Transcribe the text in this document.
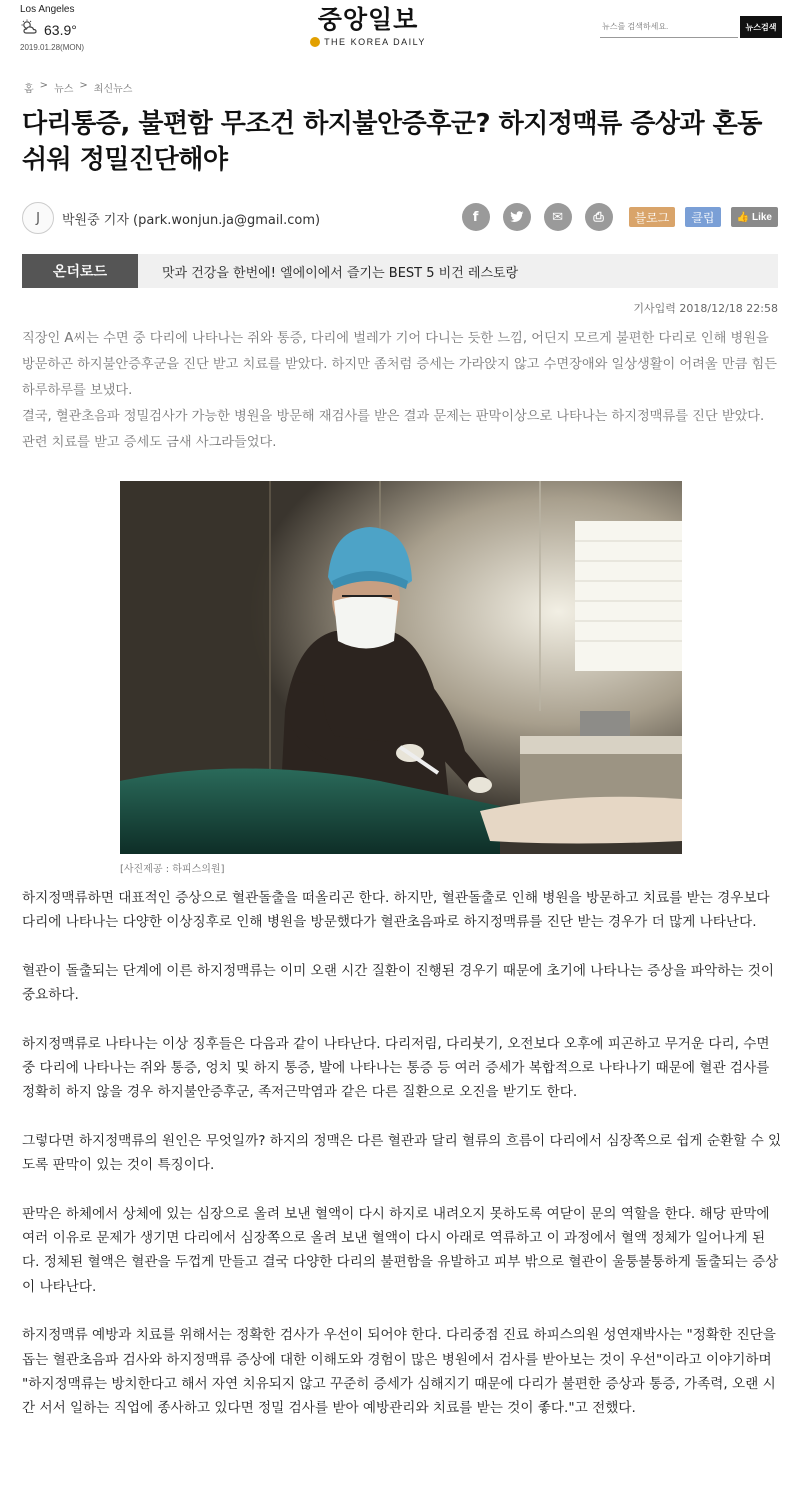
Los Angeles
63.9°
2019.01.28(MON)
중앙일보
THE KOREA DAILY
뉴스를 검색하세요.
뉴스검색
홈 > 뉴스 > 최신뉴스
다리통증, 불편함 무조건 하지불안증후군? 하지정맥류 증상과 혼동 쉬워 정밀진단해야
J	박원중 기자 (park.wonjun.ja@gmail.com)	f	✉	⎙	블로그	클립	👍 Like
온더로드	맛과 건강을 한번에! 엘에이에서 즐기는 BEST 5 비건 레스토랑
기사입력 2018/12/18 22:58
직장인 A씨는 수면 중 다리에 나타나는 쥐와 통증, 다리에 벌레가 기어 다니는 듯한 느낌, 어딘지 모르게 불편한 다리로 인해 병원을 방문하곤 하지불안증후군을 진단 받고 치료를 받았다. 하지만 좀처럼 증세는 가라앉지 않고 수면장애와 일상생활이 어려울 만큼 힘든 하루하루를 보냈다.
결국, 혈관초음파 정밀검사가 가능한 병원을 방문해 재검사를 받은 결과 문제는 판막이상으로 나타나는 하지정맥류를 진단 받았다. 관련 치료를 받고 증세도 금새 사그라들었다.
[사진제공 : 하피스의원]

하지정맥류하면 대표적인 증상으로 혈관돌출을 떠올리곤 한다. 하지만, 혈관돌출로 인해 병원을 방문하고 치료를 받는 경우보다 다리에 나타나는 다양한 이상징후로 인해 병원을 방문했다가 혈관초음파로 하지정맥류를 진단 받는 경우가 더 많게 나타난다.

혈관이 돌출되는 단계에 이른 하지정맥류는 이미 오랜 시간 질환이 진행된 경우기 때문에 초기에 나타나는 증상을 파악하는 것이 중요하다.

하지정맥류로 나타나는 이상 징후들은 다음과 같이 나타난다. 다리저림, 다리붓기, 오전보다 오후에 피곤하고 무거운 다리, 수면 중 다리에 나타나는 쥐와 통증, 엉치 및 하지 통증, 발에 나타나는 통증 등 여러 증세가 복합적으로 나타나기 때문에 혈관 검사를 정확히 하지 않을 경우 하지불안증후군, 족저근막염과 같은 다른 질환으로 오진을 받기도 한다.

그렇다면 하지정맥류의 원인은 무엇일까? 하지의 정맥은 다른 혈관과 달리 혈류의 흐름이 다리에서 심장쪽으로 쉽게 순환할 수 있도록 판막이 있는 것이 특징이다.

판막은 하체에서 상체에 있는 심장으로 올려 보낸 혈액이 다시 하지로 내려오지 못하도록 여닫이 문의 역할을 한다. 해당 판막에 여러 이유로 문제가 생기면 다리에서 심장쪽으로 올려 보낸 혈액이 다시 아래로 역류하고 이 과정에서 혈액 정체가 일어나게 된다. 정체된 혈액은 혈관을 두껍게 만들고 결국 다양한 다리의 불편함을 유발하고 피부 밖으로 혈관이 울퉁불퉁하게 돌출되는 증상이 나타난다.

하지정맥류 예방과 치료를 위해서는 정확한 검사가 우선이 되어야 한다. 다리중점 진료 하피스의원 성연재박사는 "정확한 진단을 돕는 혈관초음파 검사와 하지정맥류 증상에 대한 이해도와 경험이 많은 병원에서 검사를 받아보는 것이 우선"이라고 이야기하며 "하지정맥류는 방치한다고 해서 자연 치유되지 않고 꾸준히 증세가 심해지기 때문에 다리가 불편한 증상과 통증, 가족력, 오랜 시간 서서 일하는 직업에 종사하고 있다면 정밀 검사를 받아 예방관리와 치료를 받는 것이 좋다."고 전했다.
